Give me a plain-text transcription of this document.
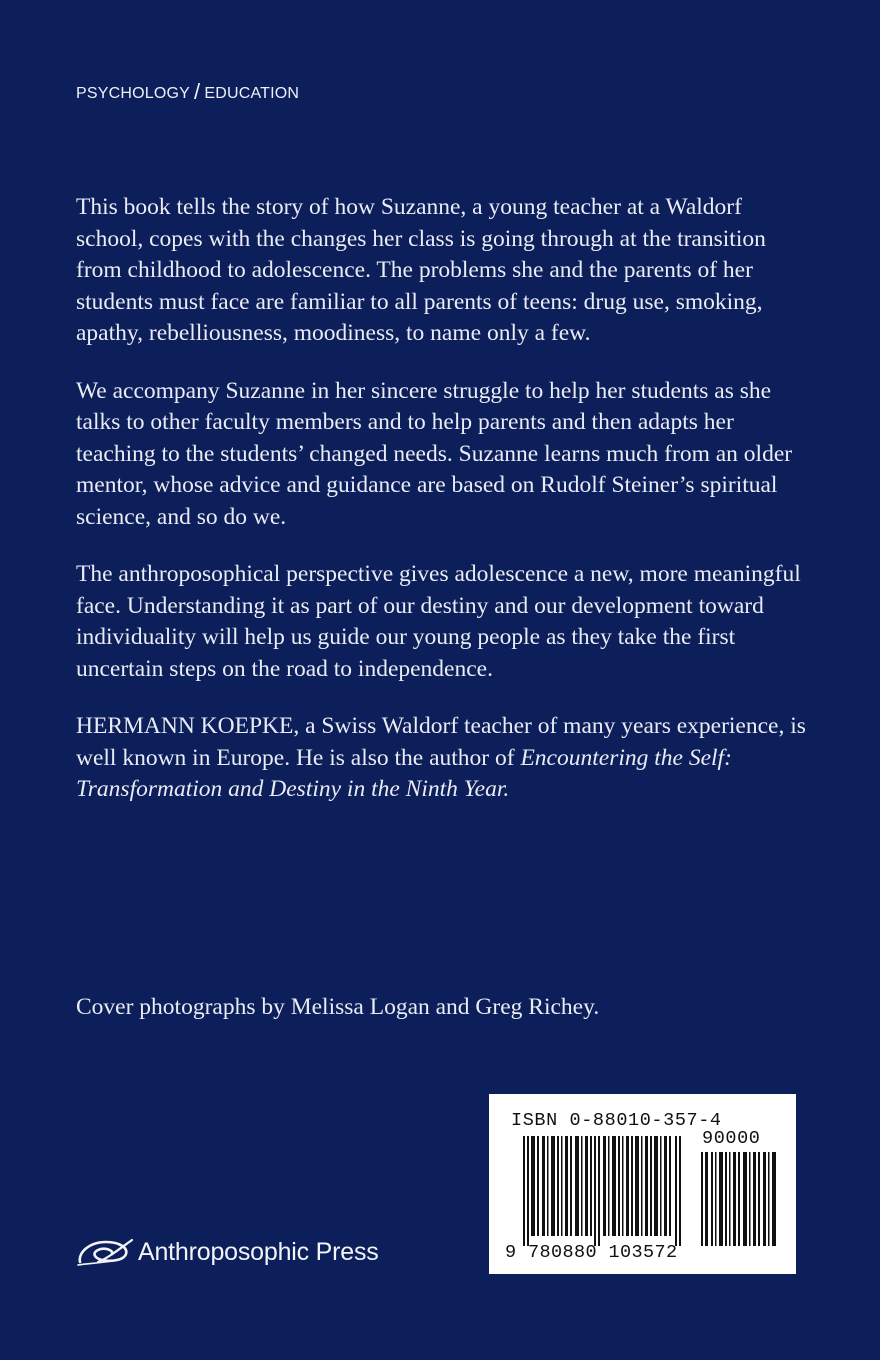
PSYCHOLOGY / EDUCATION

This book tells the story of how Suzanne, a young teacher at a Waldorf school, copes with the changes her class is going through at the transition from childhood to adolescence. The problems she and the parents of her students must face are familiar to all parents of teens: drug use, smoking, apathy, rebelliousness, moodiness, to name only a few.

We accompany Suzanne in her sincere struggle to help her students as she talks to other faculty members and to help parents and then adapts her teaching to the students’ changed needs. Suzanne learns much from an older mentor, whose advice and guidance are based on Rudolf Steiner’s spiritual science, and so do we.

The anthroposophical perspective gives adolescence a new, more meaningful face. Understanding it as part of our destiny and our development toward individuality will help us guide our young people as they take the first uncertain steps on the road to independence.

HERMANN KOEPKE, a Swiss Waldorf teacher of many years experience, is well known in Europe. He is also the author of Encountering the Self: Transformation and Destiny in the Ninth Year.

Cover photographs by Melissa Logan and Greg Richey.
Anthroposophic Press
ISBN 0-88010-357-4
90000
9 780880 103572
